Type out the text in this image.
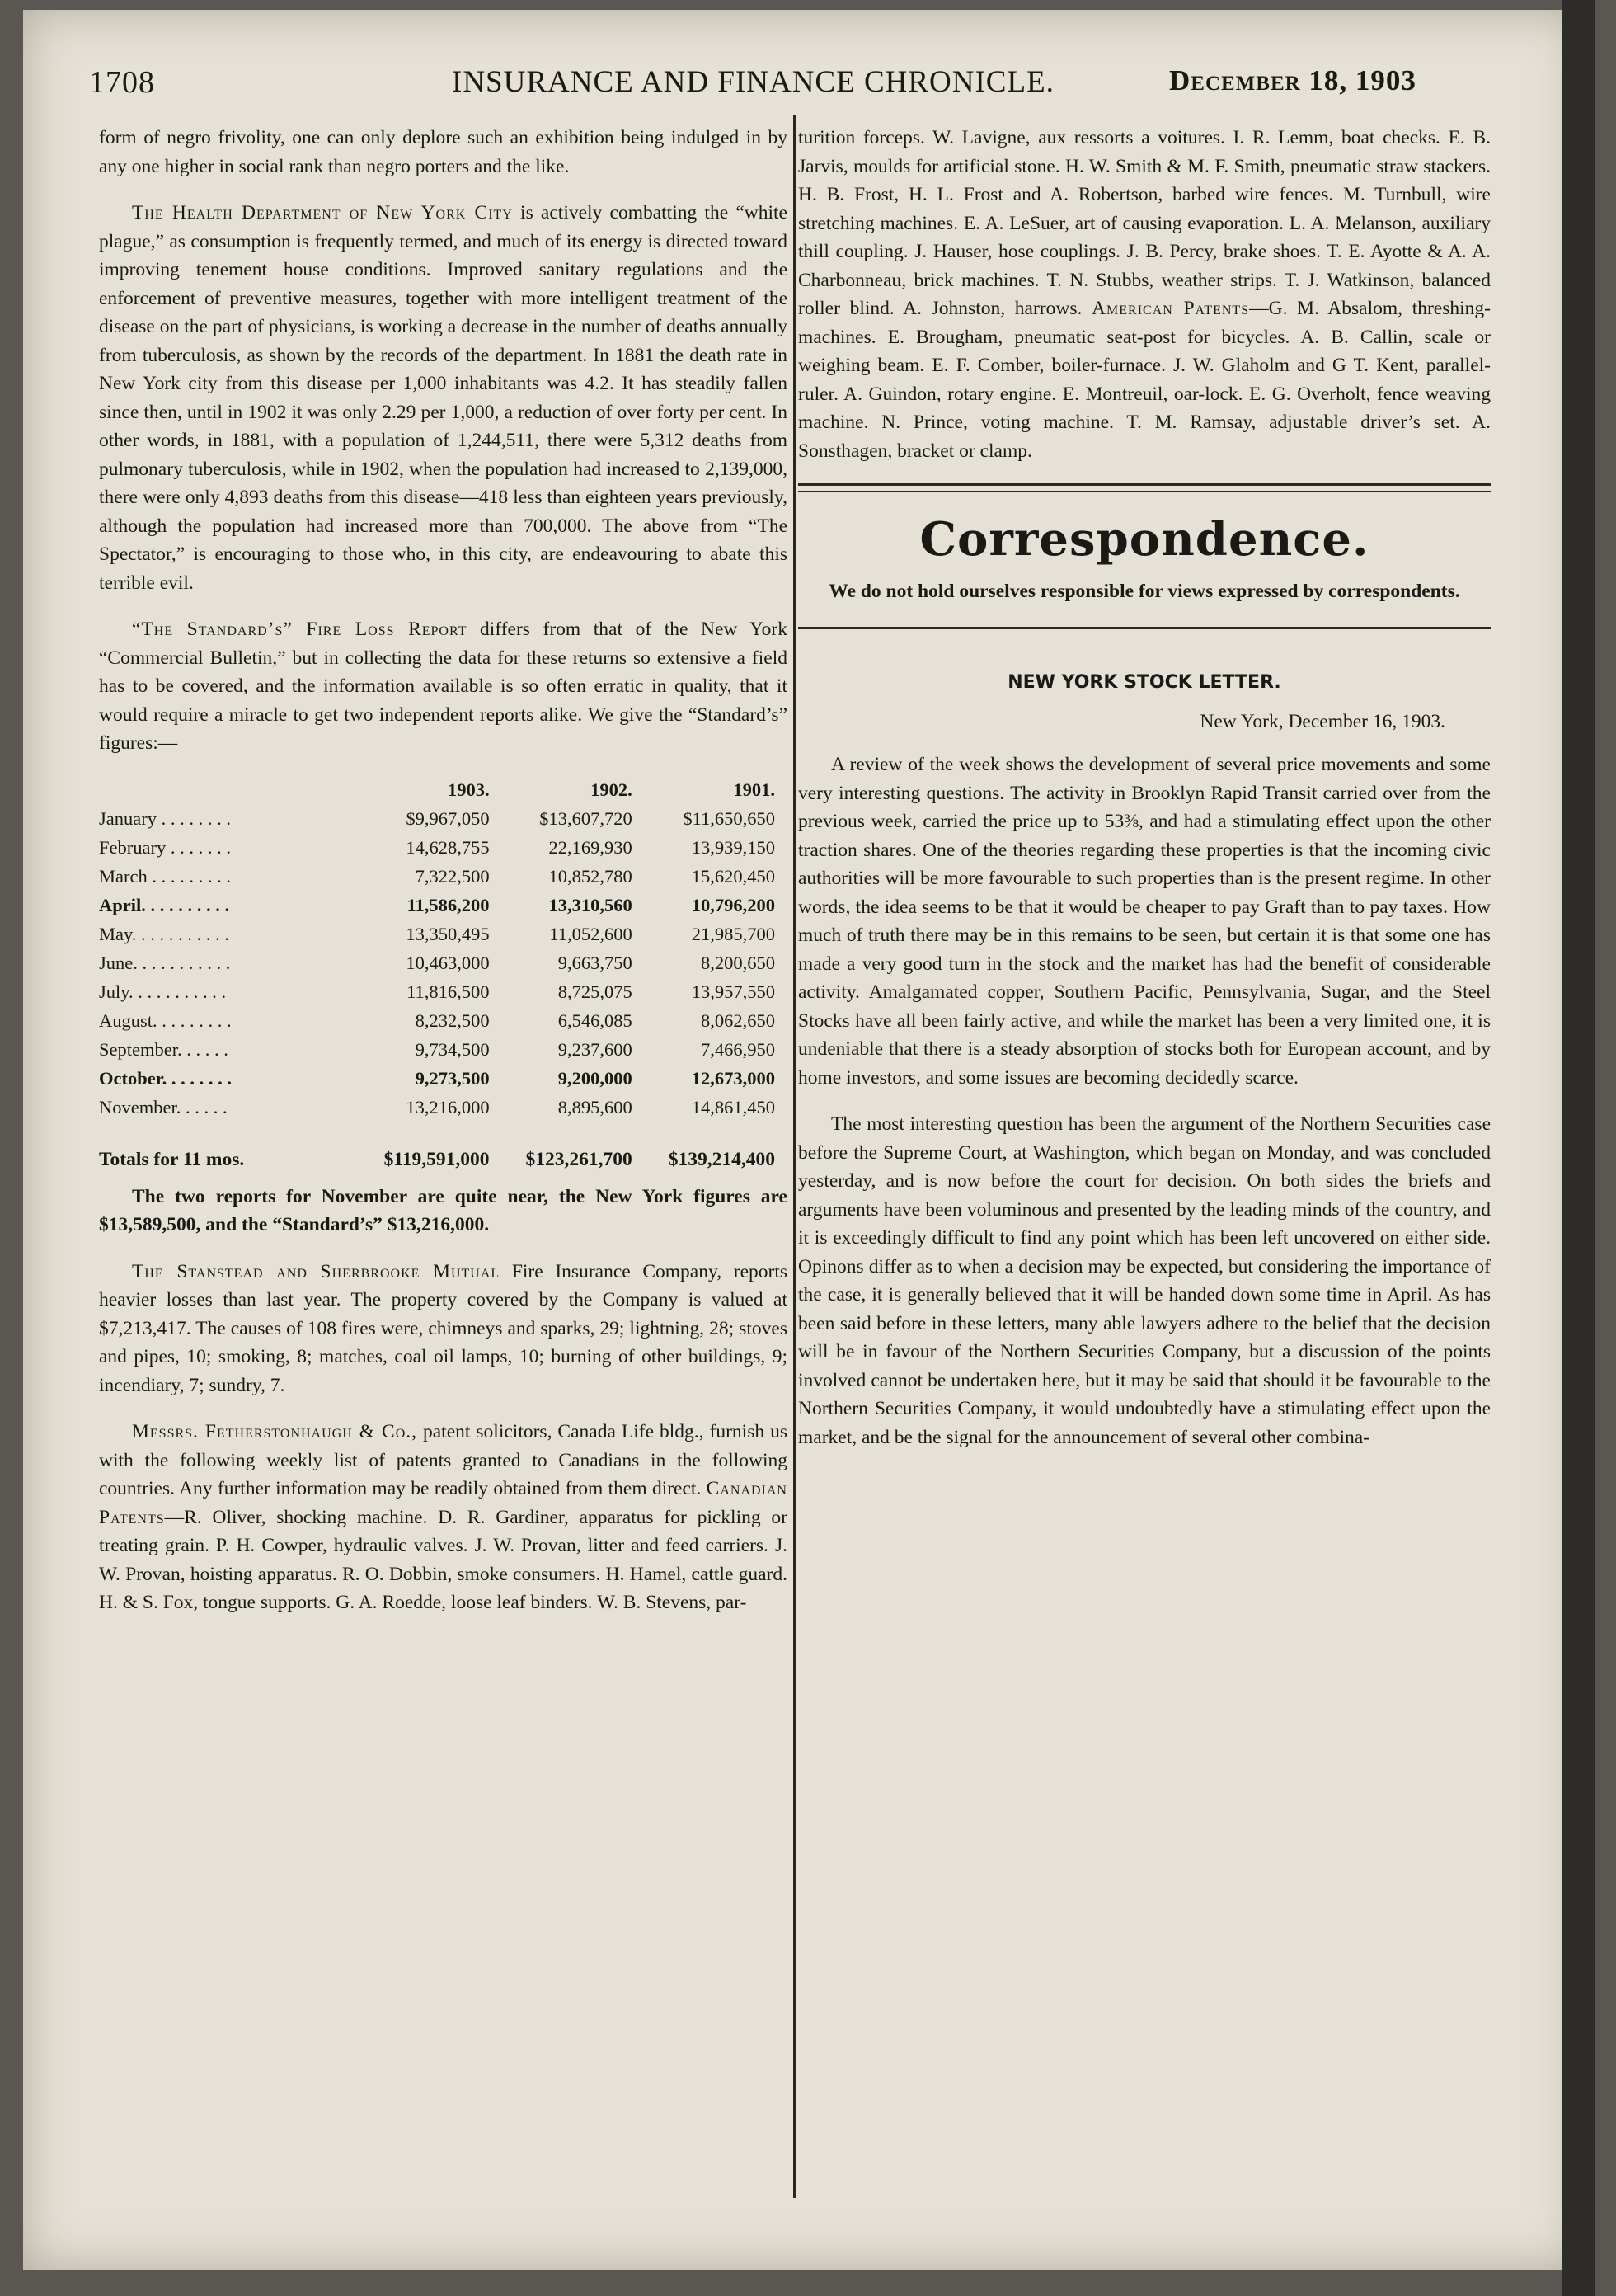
1708	INSURANCE AND FINANCE CHRONICLE.	December 18, 1903

form of negro frivolity, one can only deplore such an exhibition being indulged in by any one higher in social rank than negro porters and the like.

The Health Department of New York City is actively combatting the “white plague,” as consumption is frequently termed, and much of its energy is directed toward improving tenement house conditions. Improved sanitary regulations and the enforcement of preventive measures, together with more intelligent treatment of the disease on the part of physicians, is working a decrease in the number of deaths annually from tuberculosis, as shown by the records of the department. In 1881 the death rate in New York city from this disease per 1,000 inhabitants was 4.2. It has steadily fallen since then, until in 1902 it was only 2.29 per 1,000, a reduction of over forty per cent. In other words, in 1881, with a population of 1,244,511, there were 5,312 deaths from pulmonary tuberculosis, while in 1902, when the population had increased to 2,139,000, there were only 4,893 deaths from this disease—418 less than eighteen years previously, although the population had increased more than 700,000. The above from “The Spectator,” is encouraging to those who, in this city, are endeavouring to abate this terrible evil.

“The Standard’s” Fire Loss Report differs from that of the New York “Commercial Bulletin,” but in collecting the data for these returns so extensive a field has to be covered, and the information available is so often erratic in quality, that it would require a miracle to get two independent reports alike. We give the “Standard’s” figures:—

	1903.	1902.	1901.
January . . . . . . . .	$9,967,050	$13,607,720	$11,650,650
February . . . . . . .	14,628,755	22,169,930	13,939,150
March . . . . . . . . .	7,322,500	10,852,780	15,620,450
April. . . . . . . . . .	11,586,200	13,310,560	10,796,200
May. . . . . . . . . . .	13,350,495	11,052,600	21,985,700
June. . . . . . . . . . .	10,463,000	9,663,750	8,200,650
July. . . . . . . . . . .	11,816,500	8,725,075	13,957,550
August. . . . . . . . .	8,232,500	6,546,085	8,062,650
September. . . . . .	9,734,500	9,237,600	7,466,950
October. . . . . . . .	9,273,500	9,200,000	12,673,000
November. . . . . .	13,216,000	8,895,600	14,861,450
Totals for 11 mos.	$119,591,000	$123,261,700	$139,214,400

The two reports for November are quite near, the New York figures are $13,589,500, and the “Standard’s” $13,216,000.

The Stanstead and Sherbrooke Mutual Fire Insurance Company, reports heavier losses than last year. The property covered by the Company is valued at $7,213,417. The causes of 108 fires were, chimneys and sparks, 29; lightning, 28; stoves and pipes, 10; smoking, 8; matches, coal oil lamps, 10; burning of other buildings, 9; incendiary, 7; sundry, 7.

Messrs. Fetherstonhaugh & Co., patent solicitors, Canada Life bldg., furnish us with the following weekly list of patents granted to Canadians in the following countries. Any further information may be readily obtained from them direct. Canadian Patents—R. Oliver, shocking machine. D. R. Gardiner, apparatus for pickling or treating grain. P. H. Cowper, hydraulic valves. J. W. Provan, litter and feed carriers. J. W. Provan, hoisting apparatus. R. O. Dobbin, smoke consumers. H. Hamel, cattle guard. H. & S. Fox, tongue supports. G. A. Roedde, loose leaf binders. W. B. Stevens, par-

turition forceps. W. Lavigne, aux ressorts a voitures. I. R. Lemm, boat checks. E. B. Jarvis, moulds for artificial stone. H. W. Smith & M. F. Smith, pneumatic straw stackers. H. B. Frost, H. L. Frost and A. Robertson, barbed wire fences. M. Turnbull, wire stretching machines. E. A. LeSuer, art of causing evaporation. L. A. Melanson, auxiliary thill coupling. J. Hauser, hose couplings. J. B. Percy, brake shoes. T. E. Ayotte & A. A. Charbonneau, brick machines. T. N. Stubbs, weather strips. T. J. Watkinson, balanced roller blind. A. Johnston, harrows. American Patents—G. M. Absalom, threshing-machines. E. Brougham, pneumatic seat-post for bicycles. A. B. Callin, scale or weighing beam. E. F. Comber, boiler-furnace. J. W. Glaholm and G T. Kent, parallel-ruler. A. Guindon, rotary engine. E. Montreuil, oar-lock. E. G. Overholt, fence weaving machine. N. Prince, voting machine. T. M. Ramsay, adjustable driver’s set. A. Sonsthagen, bracket or clamp.

Correspondence.

We do not hold ourselves responsible for views expressed by correspondents.

NEW YORK STOCK LETTER.

New York, December 16, 1903.

A review of the week shows the development of several price movements and some very interesting questions. The activity in Brooklyn Rapid Transit carried over from the previous week, carried the price up to 53⅜, and had a stimulating effect upon the other traction shares. One of the theories regarding these properties is that the incoming civic authorities will be more favourable to such properties than is the present regime. In other words, the idea seems to be that it would be cheaper to pay Graft than to pay taxes. How much of truth there may be in this remains to be seen, but certain it is that some one has made a very good turn in the stock and the market has had the benefit of considerable activity. Amalgamated copper, Southern Pacific, Pennsylvania, Sugar, and the Steel Stocks have all been fairly active, and while the market has been a very limited one, it is undeniable that there is a steady absorption of stocks both for European account, and by home investors, and some issues are becoming decidedly scarce.

The most interesting question has been the argument of the Northern Securities case before the Supreme Court, at Washington, which began on Monday, and was concluded yesterday, and is now before the court for decision. On both sides the briefs and arguments have been voluminous and presented by the leading minds of the country, and it is exceedingly difficult to find any point which has been left uncovered on either side. Opinons differ as to when a decision may be expected, but considering the importance of the case, it is generally believed that it will be handed down some time in April. As has been said before in these letters, many able lawyers adhere to the belief that the decision will be in favour of the Northern Securities Company, but a discussion of the points involved cannot be undertaken here, but it may be said that should it be favourable to the Northern Securities Company, it would undoubtedly have a stimulating effect upon the market, and be the signal for the announcement of several other combina-
